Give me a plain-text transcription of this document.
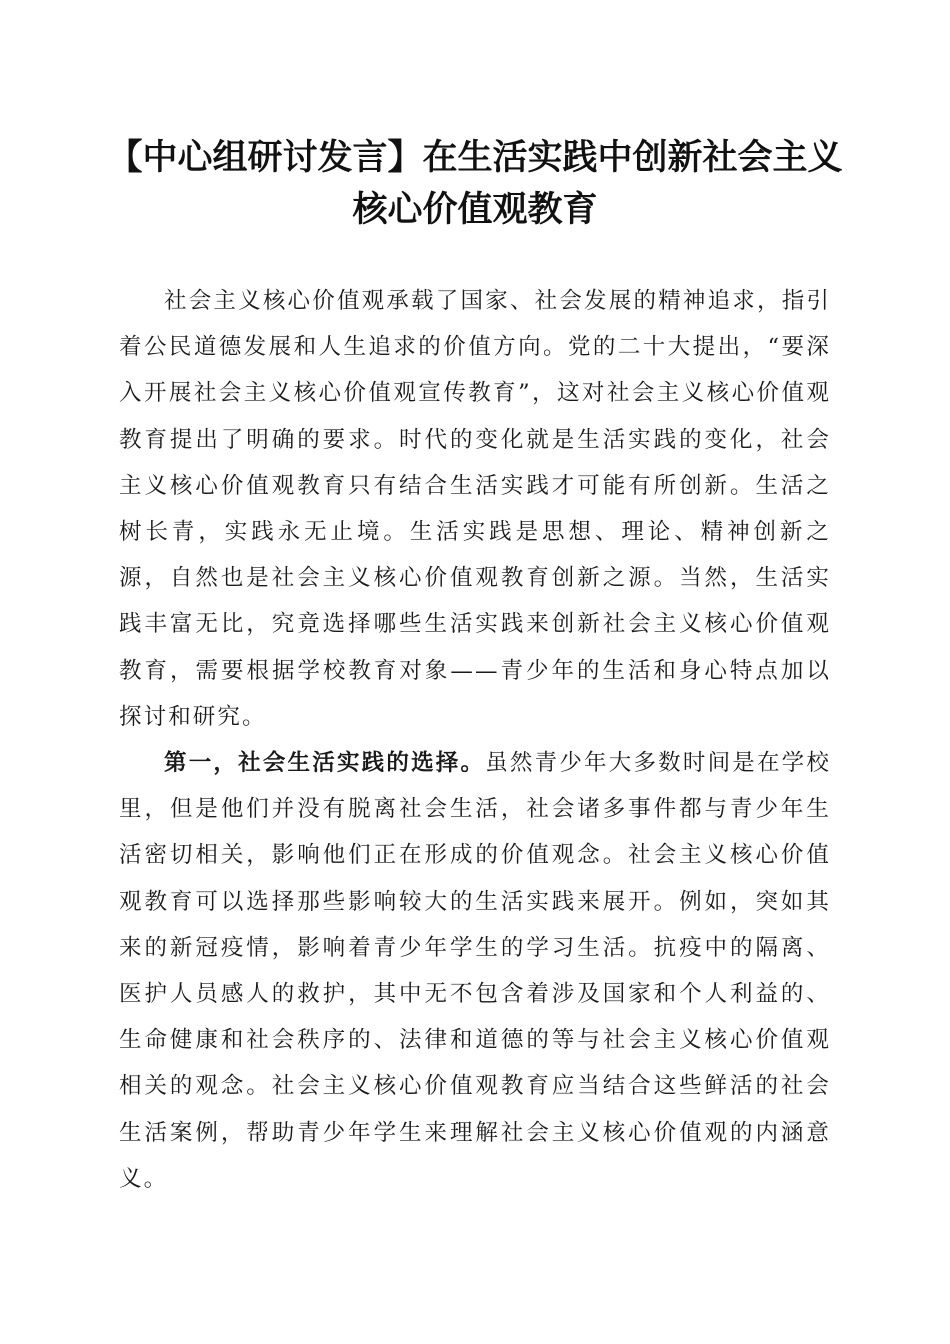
【中心组研讨发言】在生活实践中创新社会主义核心价值观教育

社会主义核心价值观承载了国家、社会发展的精神追求，指引着公民道德发展和人生追求的价值方向。党的二十大提出，“要深入开展社会主义核心价值观宣传教育”，这对社会主义核心价值观教育提出了明确的要求。时代的变化就是生活实践的变化，社会主义核心价值观教育只有结合生活实践才可能有所创新。生活之树长青，实践永无止境。生活实践是思想、理论、精神创新之源，自然也是社会主义核心价值观教育创新之源。当然，生活实践丰富无比，究竟选择哪些生活实践来创新社会主义核心价值观教育，需要根据学校教育对象——青少年的生活和身心特点加以探讨和研究。

第一，社会生活实践的选择。虽然青少年大多数时间是在学校里，但是他们并没有脱离社会生活，社会诸多事件都与青少年生活密切相关，影响他们正在形成的价值观念。社会主义核心价值观教育可以选择那些影响较大的生活实践来展开。例如，突如其来的新冠疫情，影响着青少年学生的学习生活。抗疫中的隔离、医护人员感人的救护，其中无不包含着涉及国家和个人利益的、生命健康和社会秩序的、法律和道德的等与社会主义核心价值观相关的观念。社会主义核心价值观教育应当结合这些鲜活的社会生活案例，帮助青少年学生来理解社会主义核心价值观的内涵意义。
